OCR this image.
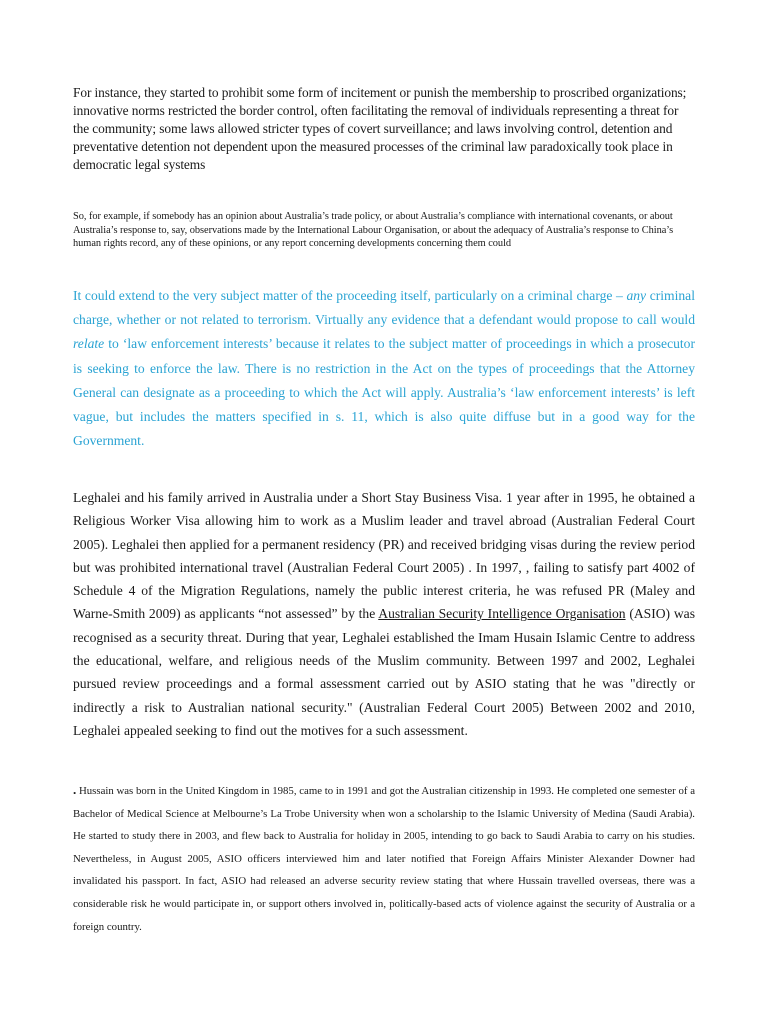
For instance, they started to prohibit some form of incitement or punish the membership to proscribed organizations; innovative norms restricted the border control, often facilitating the removal of individuals representing a threat for the community; some laws allowed stricter types of covert surveillance; and laws involving control, detention and preventative detention not dependent upon the measured processes of the criminal law paradoxically took place in democratic legal systems

So, for example, if somebody has an opinion about Australia’s trade policy, or about Australia’s compliance with international covenants, or about Australia’s response to, say, observations made by the International Labour Organisation, or about the adequacy of Australia’s response to China’s human rights record, any of these opinions, or any report concerning developments concerning them could

It could extend to the very subject matter of the proceeding itself, particularly on a criminal charge – any criminal charge, whether or not related to terrorism. Virtually any evidence that a defendant would propose to call would relate to ‘law enforcement interests’ because it relates to the subject matter of proceedings in which a prosecutor is seeking to enforce the law. There is no restriction in the Act on the types of proceedings that the Attorney General can designate as a proceeding to which the Act will apply. Australia’s ‘law enforcement interests’ is left vague, but includes the matters specified in s. 11, which is also quite diffuse but in a good way for the Government.

Leghalei and his family arrived in Australia under a Short Stay Business Visa. 1 year after in 1995, he obtained a Religious Worker Visa allowing him to work as a Muslim leader and travel abroad (Australian Federal Court 2005). Leghalei then applied for a permanent residency (PR) and received bridging visas during the review period but was prohibited international travel (Australian Federal Court 2005) . In 1997, , failing to satisfy part 4002 of Schedule 4 of the Migration Regulations, namely the public interest criteria, he was refused PR (Maley and Warne-Smith 2009) as applicants “not assessed” by the Australian Security Intelligence Organisation (ASIO) was recognised as a security threat. During that year, Leghalei established the Imam Husain Islamic Centre to address the educational, welfare, and religious needs of the Muslim community. Between 1997 and 2002, Leghalei pursued review proceedings and a formal assessment carried out by ASIO stating that he was "directly or indirectly a risk to Australian national security." (Australian Federal Court 2005) Between 2002 and 2010, Leghalei appealed seeking to find out the motives for a such assessment.

. Hussain was born in the United Kingdom in 1985, came to in 1991 and got the Australian citizenship in 1993. He completed one semester of a Bachelor of Medical Science at Melbourne’s La Trobe University when won a scholarship to the Islamic University of Medina (Saudi Arabia). He started to study there in 2003, and flew back to Australia for holiday in 2005, intending to go back to Saudi Arabia to carry on his studies. Nevertheless, in August 2005, ASIO officers interviewed him and later notified that Foreign Affairs Minister Alexander Downer had invalidated his passport. In fact, ASIO had released an adverse security review stating that where Hussain travelled overseas, there was a considerable risk he would participate in, or support others involved in, politically-based acts of violence against the security of Australia or a foreign country.
